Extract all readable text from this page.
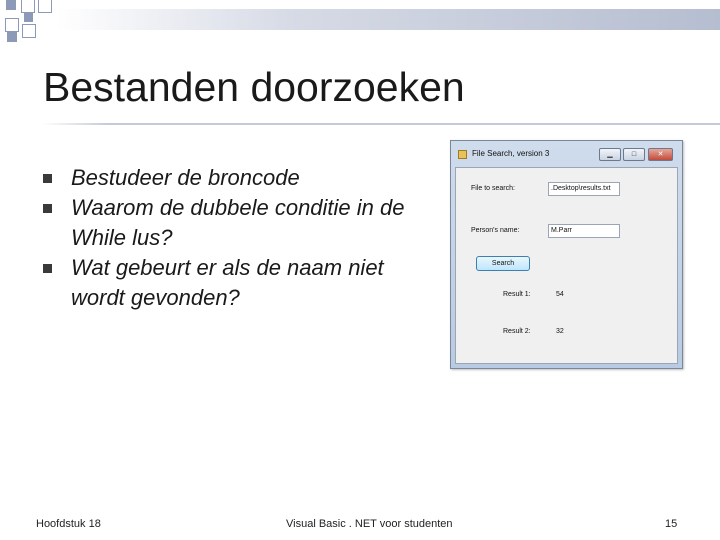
Bestanden doorzoeken
Bestudeer de broncode
Waarom de dubbele conditie in de While lus?
Wat gebeurt er als de naam niet wordt gevonden?
File Search, version 3	▁	□	✕
File to search:	.Desktop\results.txt
Person's name:	M.Parr
Search
Result 1:	54
Result 2:	32
Hoofdstuk 18	Visual Basic . NET voor studenten	15
